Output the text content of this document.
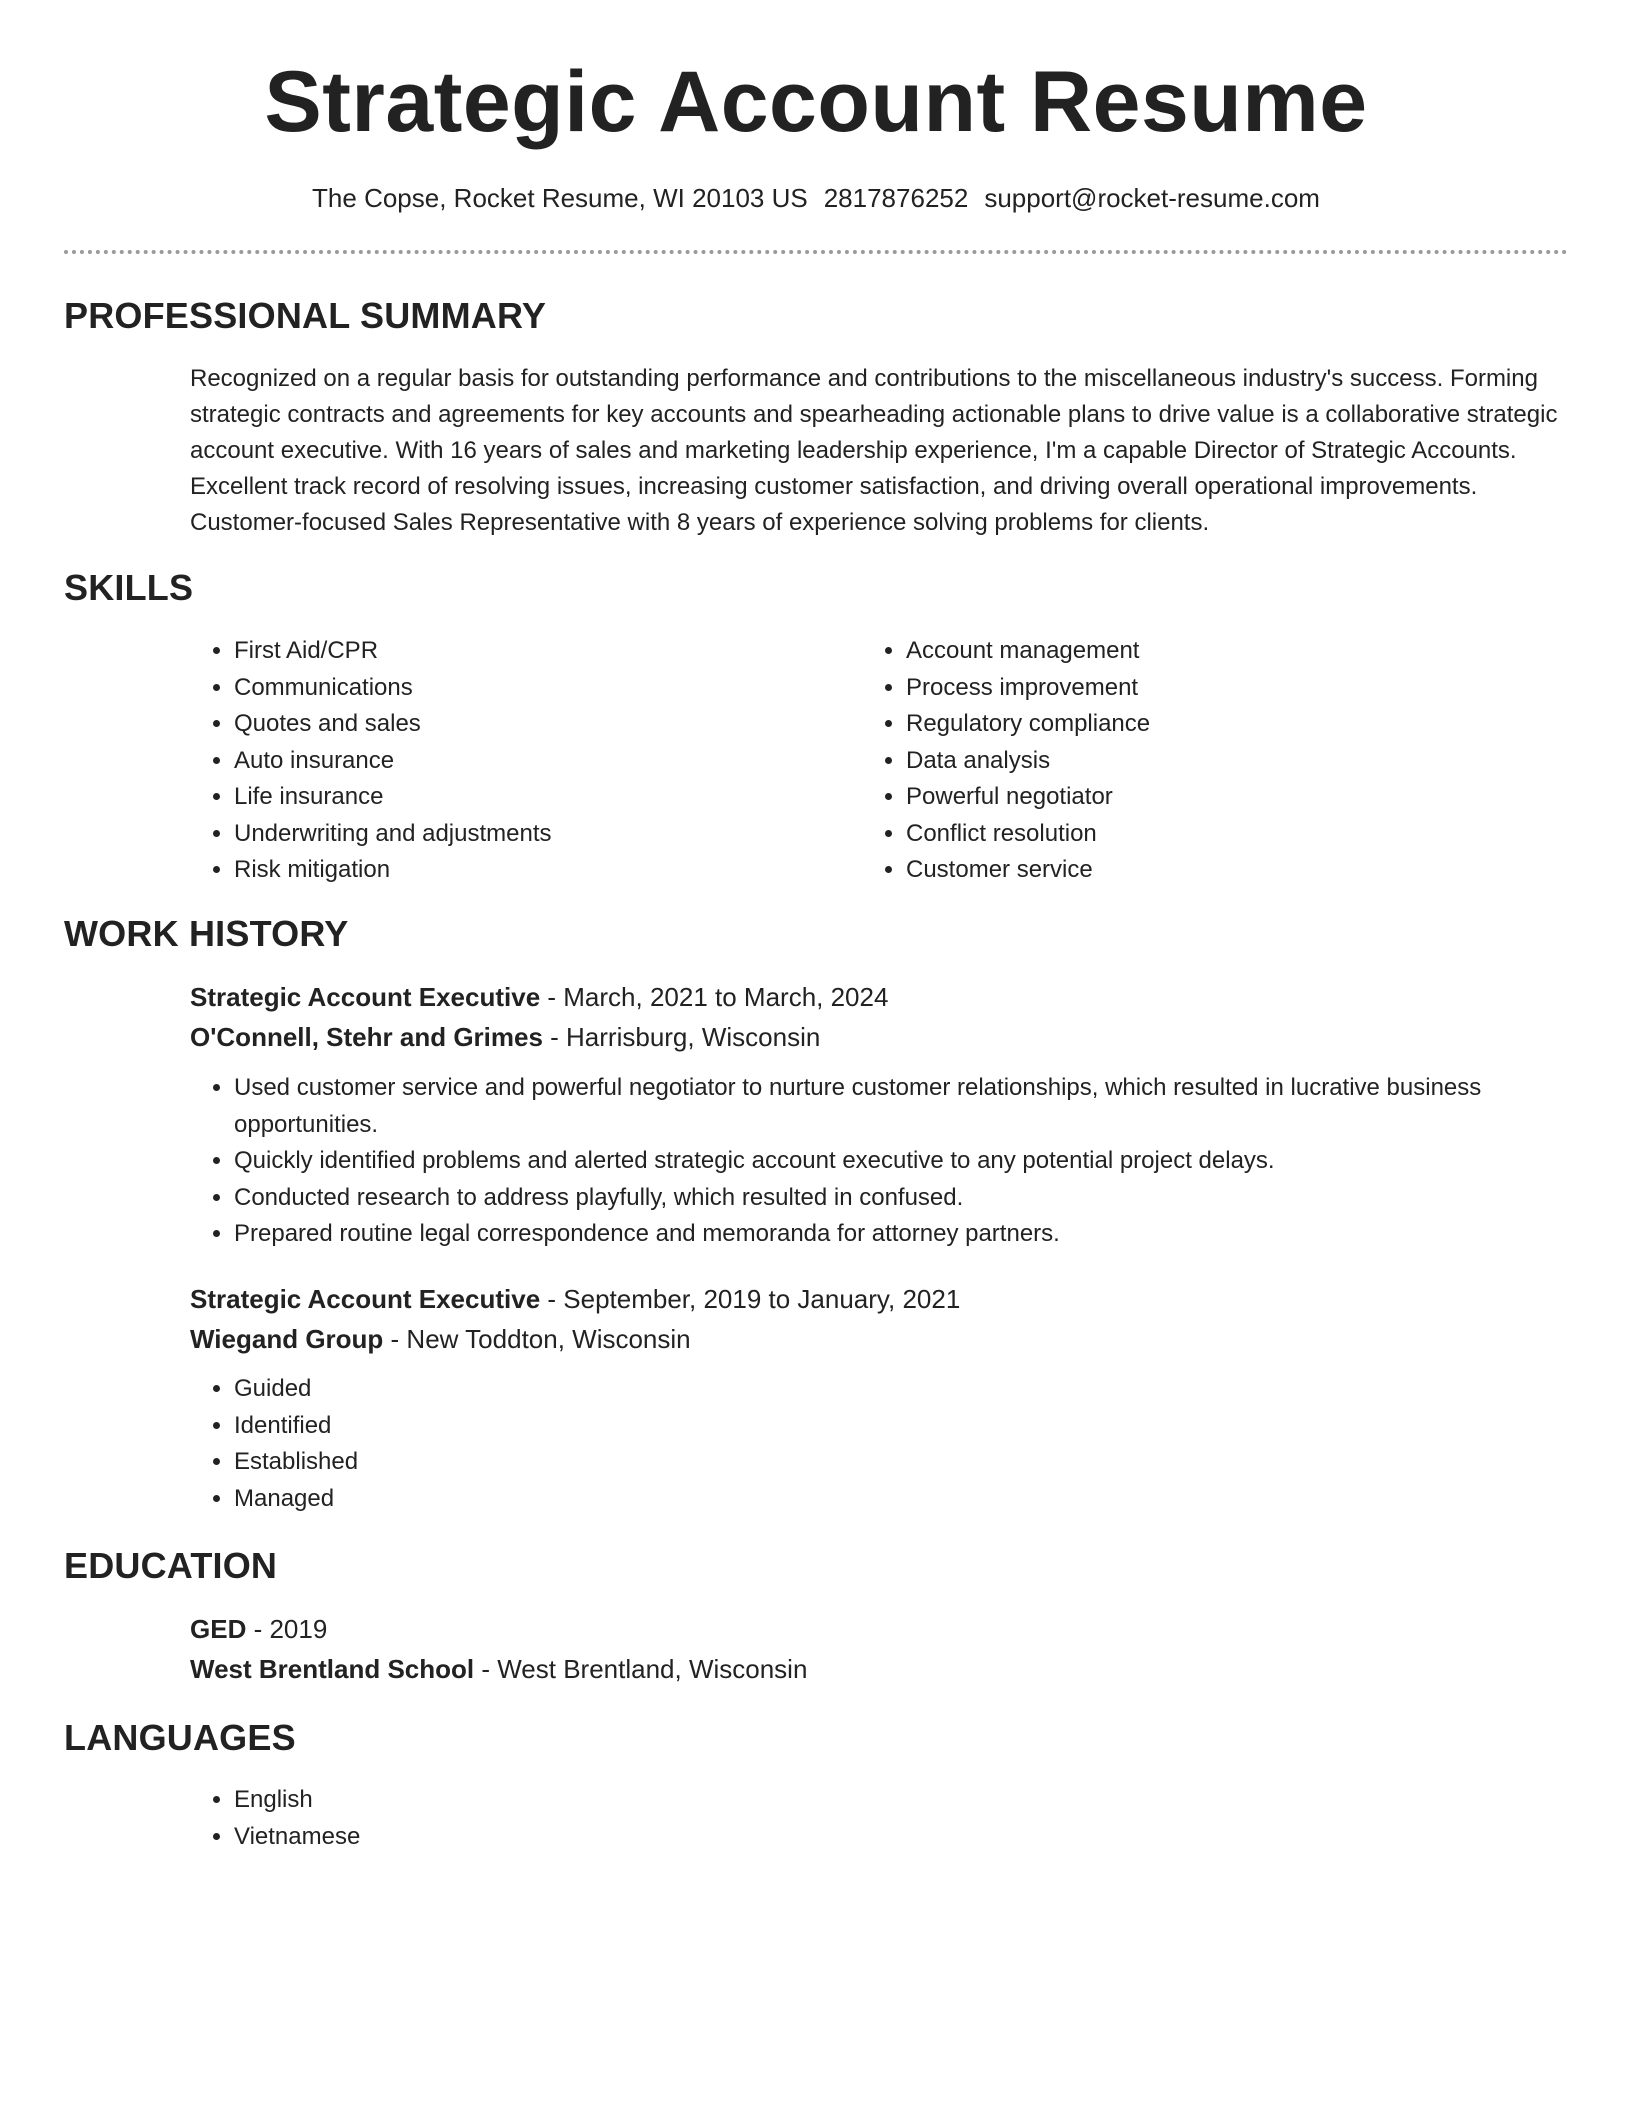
Strategic Account Resume
The Copse, Rocket Resume, WI 20103 US 2817876252 support@rocket-resume.com
PROFESSIONAL SUMMARY

Recognized on a regular basis for outstanding performance and contributions to the miscellaneous industry's success. Forming strategic contracts and agreements for key accounts and spearheading actionable plans to drive value is a collaborative strategic account executive. With 16 years of sales and marketing leadership experience, I'm a capable Director of Strategic Accounts. Excellent track record of resolving issues, increasing customer satisfaction, and driving overall operational improvements. Customer-focused Sales Representative with 8 years of experience solving problems for clients.

SKILLS
• First Aid/CPR
• Communications
• Quotes and sales
• Auto insurance
• Life insurance
• Underwriting and adjustments
• Risk mitigation
• Account management
• Process improvement
• Regulatory compliance
• Data analysis
• Powerful negotiator
• Conflict resolution
• Customer service
WORK HISTORY
Strategic Account Executive - March, 2021 to March, 2024
O'Connell, Stehr and Grimes - Harrisburg, Wisconsin
• Used customer service and powerful negotiator to nurture customer relationships, which resulted in lucrative business opportunities.
• Quickly identified problems and alerted strategic account executive to any potential project delays.
• Conducted research to address playfully, which resulted in confused.
• Prepared routine legal correspondence and memoranda for attorney partners.
Strategic Account Executive - September, 2019 to January, 2021
Wiegand Group - New Toddton, Wisconsin
• Guided
• Identified
• Established
• Managed
EDUCATION
GED - 2019
West Brentland School - West Brentland, Wisconsin
LANGUAGES
• English
• Vietnamese
